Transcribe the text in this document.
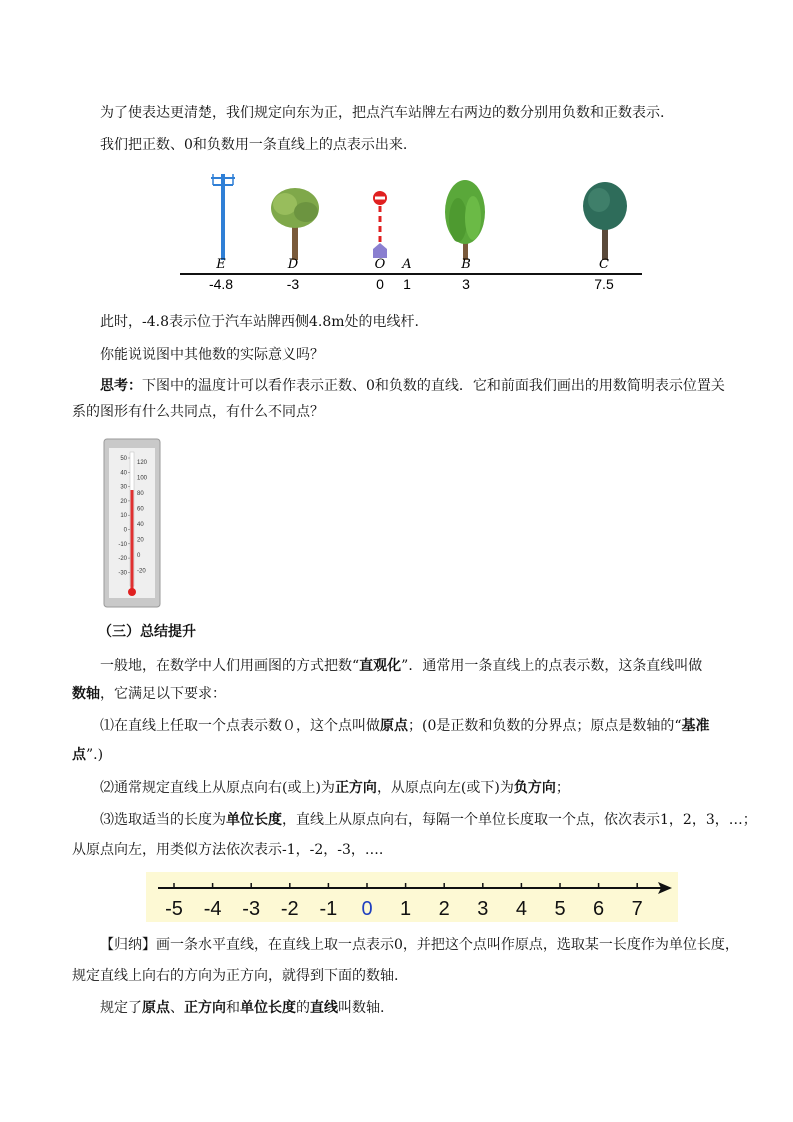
为了使表达更清楚，我们规定向东为正，把点汽车站牌左右两边的数分别用负数和正数表示.
我们把正数、0和负数用一条直线上的点表示出来.
E	D	O A	B	C
-4.8	-3	0 1	3	7.5
此时，-4.8表示位于汽车站牌西侧4.8m处的电线杆.
你能说说图中其他数的实际意义吗？
思考：下图中的温度计可以看作表示正数、0和负数的直线．它和前面我们画出的用数简明表示位置关
系的图形有什么共同点，有什么不同点？
50
40
30
20
10
0
-10
-20
-30
120
100
80
60
40
20
0
-20
（三）总结提升
一般地，在数学中人们用画图的方式把数“直观化”．通常用一条直线上的点表示数，这条直线叫做
数轴，它满足以下要求：
⑴在直线上任取一个点表示数０，这个点叫做原点；(0是正数和负数的分界点；原点是数轴的“基准
点”.)
⑵通常规定直线上从原点向右(或上)为正方向，从原点向左(或下)为负方向；
⑶选取适当的长度为单位长度，直线上从原点向右，每隔一个单位长度取一个点，依次表示1，2，3，…；
从原点向左，用类似方法依次表示-1，-2，-3，….
-5 -4 -3 -2 -1 0 1 2 3 4 5 6 7
【归纳】画一条水平直线，在直线上取一点表示0，并把这个点叫作原点，选取某一长度作为单位长度，
规定直线上向右的方向为正方向，就得到下面的数轴.
规定了原点、正方向和单位长度的直线叫数轴.
